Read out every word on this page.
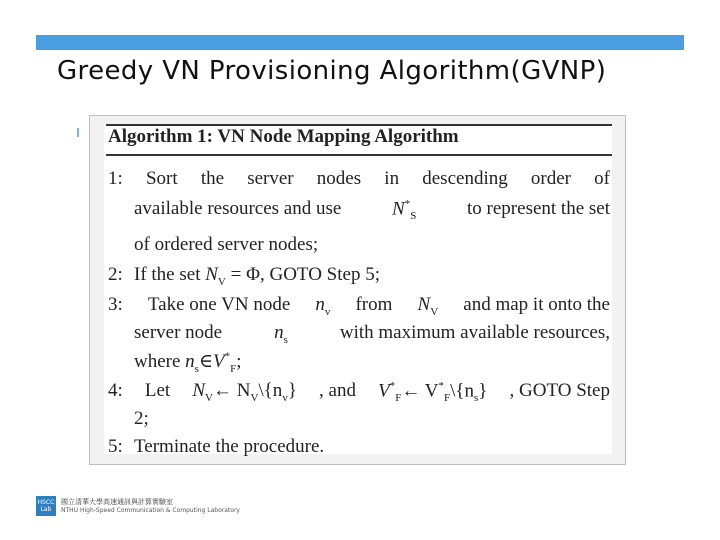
Greedy VN Provisioning Algorithm(GVNP)
Algorithm 1: VN Node Mapping Algorithm
1: Sort the server nodes in descending order of
available resources and use	$N^*_S$	to represent the set
of ordered server nodes;
2: If the set $N_V = \Phi$, GOTO Step 5;
3: Take one VN node $n_v$ from $N_V$ and map it onto the
server node	$n_s$	with maximum available resources,
where $n_s\in V^*_F$;
4: Let $N_V\leftarrow$ $N_V\backslash\{n_v\}$ , and $V^*_F\leftarrow$ $V^*_F\backslash\{n_s\}$ , GOTO Step
2;
5: Terminate the procedure.
HSCC
Lab
國立清華大學高速通訊與計算實驗室
NTHU High-Speed Communication & Computing Laboratory
